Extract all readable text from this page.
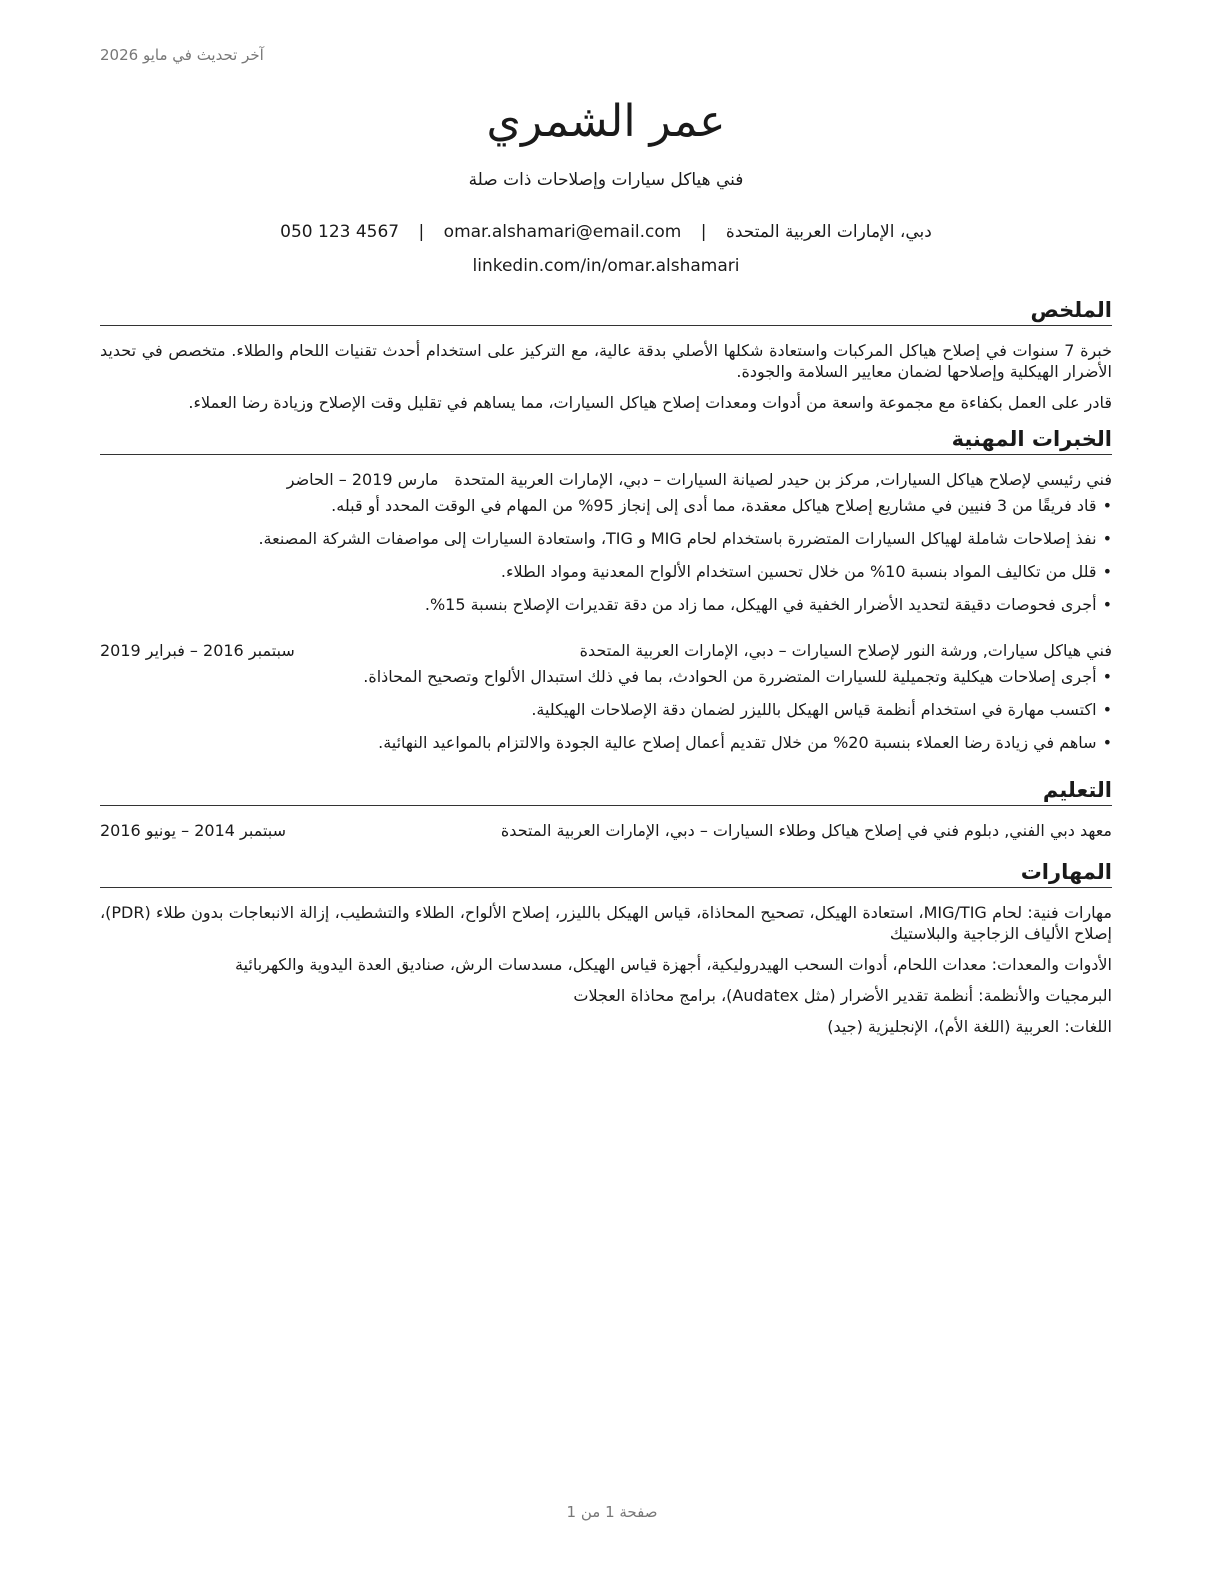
آخر تحديث في مايو 2026
عمر الشمري
فني هياكل سيارات وإصلاحات ذات صلة
دبي، الإمارات العربية المتحدة | omar.alshamari@email.com | 050 123 4567
linkedin.com/in/omar.alshamari
الملخص

خبرة 7 سنوات في إصلاح هياكل المركبات واستعادة شكلها الأصلي بدقة عالية، مع التركيز على استخدام أحدث تقنيات اللحام والطلاء. متخصص في تحديد الأضرار الهيكلية وإصلاحها لضمان معايير السلامة والجودة.

قادر على العمل بكفاءة مع مجموعة واسعة من أدوات ومعدات إصلاح هياكل السيارات، مما يساهم في تقليل وقت الإصلاح وزيادة رضا العملاء.

الخبرات المهنية
فني رئيسي لإصلاح هياكل السيارات, مركز بن حيدر لصيانة السيارات – دبي، الإمارات العربية المتحدة
مارس 2019 – الحاضر
•
قاد فريقًا من 3 فنيين في مشاريع إصلاح هياكل معقدة، مما أدى إلى إنجاز 95% من المهام في الوقت المحدد أو قبله.
•
نفذ إصلاحات شاملة لهياكل السيارات المتضررة باستخدام لحام MIG و TIG، واستعادة السيارات إلى مواصفات الشركة المصنعة.
•
قلل من تكاليف المواد بنسبة 10% من خلال تحسين استخدام الألواح المعدنية ومواد الطلاء.
•
أجرى فحوصات دقيقة لتحديد الأضرار الخفية في الهيكل، مما زاد من دقة تقديرات الإصلاح بنسبة 15%.
فني هياكل سيارات, ورشة النور لإصلاح السيارات – دبي، الإمارات العربية المتحدة
سبتمبر 2016 – فبراير 2019
•
أجرى إصلاحات هيكلية وتجميلية للسيارات المتضررة من الحوادث، بما في ذلك استبدال الألواح وتصحيح المحاذاة.
•
اكتسب مهارة في استخدام أنظمة قياس الهيكل بالليزر لضمان دقة الإصلاحات الهيكلية.
•
ساهم في زيادة رضا العملاء بنسبة 20% من خلال تقديم أعمال إصلاح عالية الجودة والالتزام بالمواعيد النهائية.
التعليم
معهد دبي الفني, دبلوم فني في إصلاح هياكل وطلاء السيارات – دبي، الإمارات العربية المتحدة
سبتمبر 2014 – يونيو 2016
المهارات

مهارات فنية: لحام MIG/TIG، استعادة الهيكل، تصحيح المحاذاة، قياس الهيكل بالليزر، إصلاح الألواح، الطلاء والتشطيب، إزالة الانبعاجات بدون طلاء (PDR)، إصلاح الألياف الزجاجية والبلاستيك

الأدوات والمعدات: معدات اللحام، أدوات السحب الهيدروليكية، أجهزة قياس الهيكل، مسدسات الرش، صناديق العدة اليدوية والكهربائية

البرمجيات والأنظمة: أنظمة تقدير الأضرار (مثل Audatex)، برامج محاذاة العجلات

اللغات: العربية (اللغة الأم)، الإنجليزية (جيد)

صفحة 1 من 1
